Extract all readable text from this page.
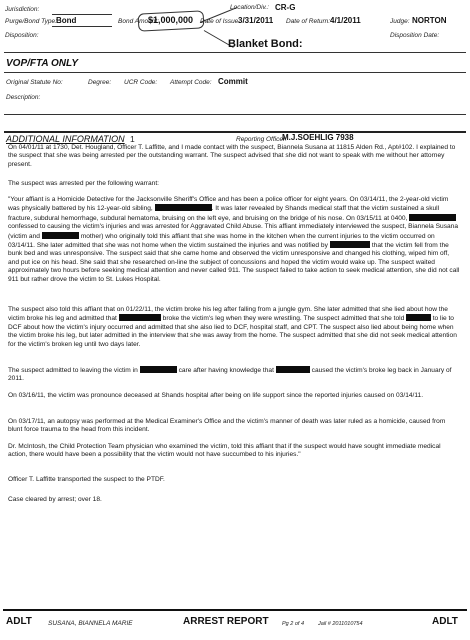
Jurisdiction:	Location/Div.: CR-G
Purge/Bond Type: Bond	Bond Amount:
$1,000,000 Date of Issue:
3/31/2011 Date of Return: 4/1/2011	Judge: NORTON
Disposition:	Disposition Date:
Blanket Bond:
VOP/FTA ONLY
Original Statute No:	Degree: UCR Code: Attempt Code: Commit
Description:
ADDITIONAL INFORMATION 1	Reporting Officer:
M.J.SOEHLIG 7938
On 04/01/11 at 1730, Det. Hougland, Officer T. Laffitte, and I made contact with the suspect, Biannela Susana at 11815 Alden Rd., Apt#102. I explained to the suspect that she was being arrested per the outstanding warrant. The suspect advised that she did not want to speak with me without her attorney present.
The suspect was arrested per the following warrant:
"Your affiant is a Homicide Detective for the Jacksonville Sheriff's Office and has been a police officer for eight years. On 03/14/11, the 2-year-old victim was physically battered by his 12-year-old sibling,	. It was later revealed by Shands medical staff that the victim sustained a skull fracture, subdural hemorrhage, subdural hematoma, bruising on the left eye, and bruising on the bridge of his nose. On 03/15/11 at 0400,	confessed to causing the victim's injuries and was arrested for Aggravated Child Abuse. This affiant immediately interviewed the suspect, Biannela Susana (victim and	mother) who originally told this affiant that she was home in the kitchen when the current injuries to the victim occurred on 03/14/11. She later admitted that she was not home when the victim sustained the injuries and was notified by	that the victim fell from the bunk bed and was unresponsive. The suspect said that she came home and observed the victim unresponsive and changed his clothing, wiped him off, and put ice on his head. She said that she researched on-line the subject of concussions and hoped the victim would wake up. The suspect waited approximately two hours before seeking medical attention and never called 911. The suspect failed to take action to seek medical attention, she did not call 911 but rather drove the victim to St. Lukes Hospital.
The suspect also told this affiant that on 01/22/11, the victim broke his leg after falling from a jungle gym. She later admitted that she lied about how the victim broke his leg and admitted that	broke the victim's leg when they were wrestling. The suspect admitted that she told	to lie to DCF about how the victim's injury occurred and admitted that she also lied to DCF, hospital staff, and CPT. The suspect also lied about being home when the victim broke his leg, but later admitted in the interview that she was away from the home. The suspect admitted that she did not seek medical attention for the victim's broken leg until two days later.
The suspect admitted to leaving the victim in	care after having knowledge that	caused the victim's broke leg back in January of 2011.
On 03/16/11, the victim was pronounce deceased at Shands hospital after being on life support since the reported injuries caused on 03/14/11.
On 03/17/11, an autopsy was performed at the Medical Examiner's Office and the victim's manner of death was later ruled as a homicide, caused from blunt force trauma to the head from this incident.
Dr. McIntosh, the Child Protection Team physician who examined the victim, told this affiant that if the suspect would have sought immediate medical action, there would have been a possibility that the victim would not have succumbed to his injuries."
Officer T. Laffitte transported the suspect to the PTDF.
Case cleared by arrest; over 18.
ADLT SUSANA, BIANNELA MARIE	ARREST REPORT Pg 2 of 4	Jail # 2011010754	ADLT
